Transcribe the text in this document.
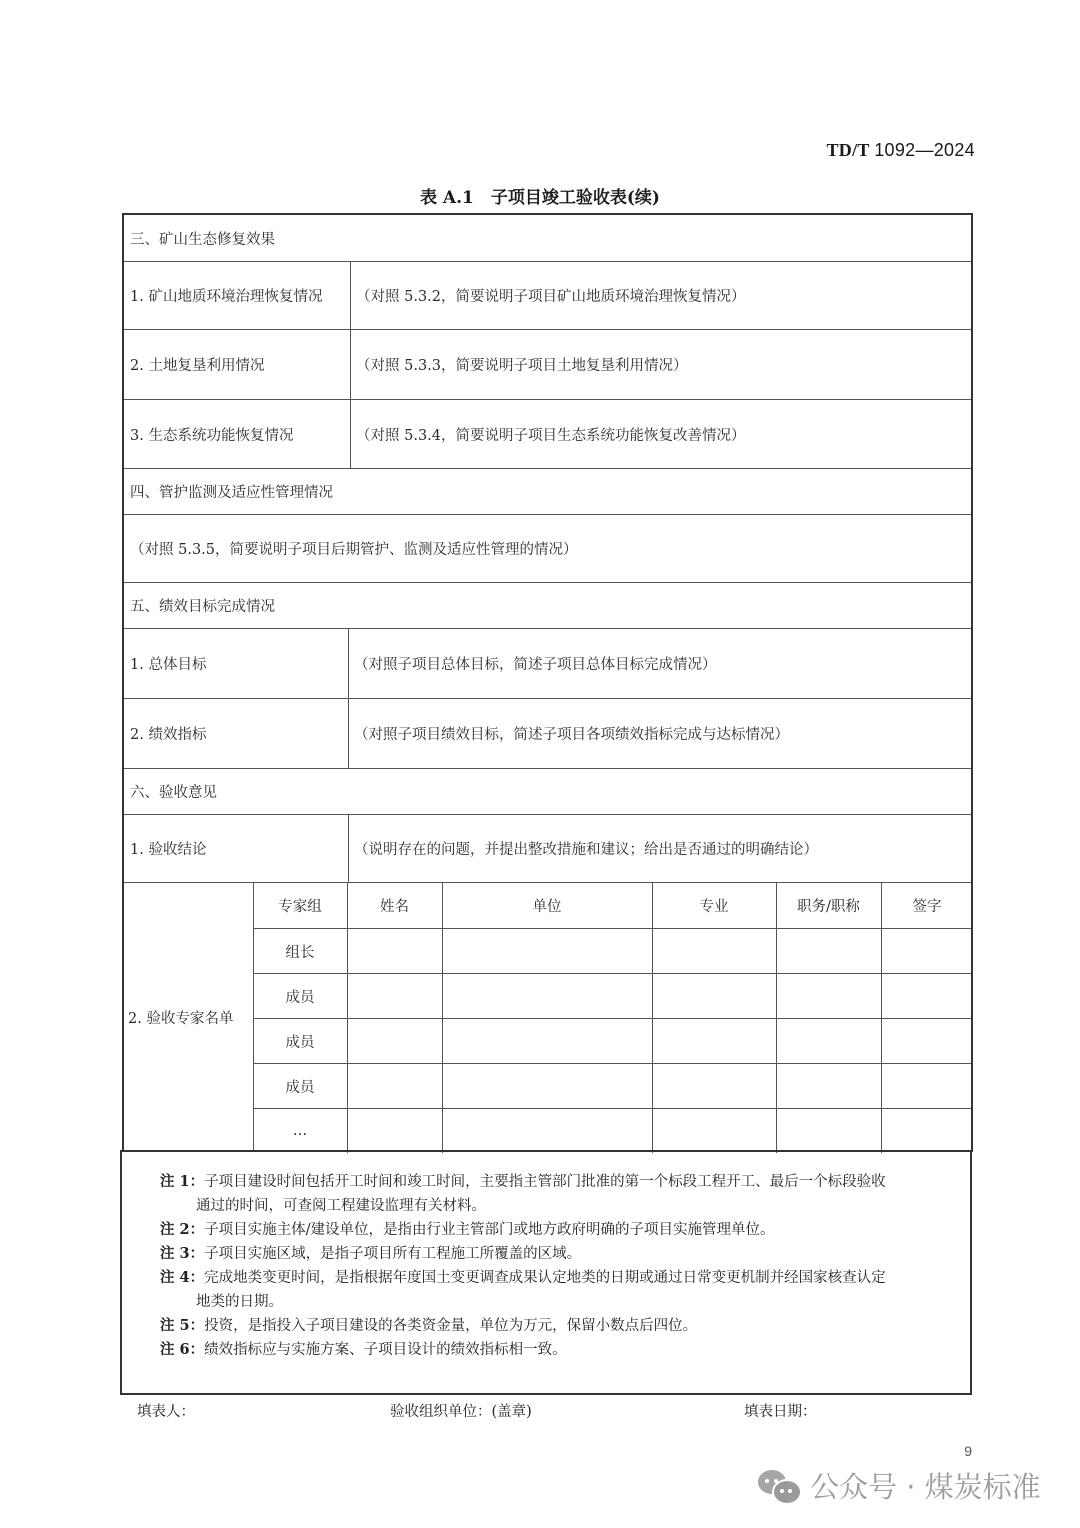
TD/T 1092—2024
表 A.1　子项目竣工验收表(续)
三、矿山生态修复效果
1. 矿山地质环境治理恢复情况 （对照 5.3.2，简要说明子项目矿山地质环境治理恢复情况）
2. 土地复垦利用情况	（对照 5.3.3，简要说明子项目土地复垦利用情况）
3. 生态系统功能恢复情况	（对照 5.3.4，简要说明子项目生态系统功能恢复改善情况）
四、管护监测及适应性管理情况
（对照 5.3.5，简要说明子项目后期管护、监测及适应性管理的情况）
五、绩效目标完成情况
1. 总体目标	（对照子项目总体目标，简述子项目总体目标完成情况）
2. 绩效指标	（对照子项目绩效目标，简述子项目各项绩效指标完成与达标情况）
六、验收意见
1. 验收结论	（说明存在的问题，并提出整改措施和建议；给出是否通过的明确结论）
2. 验收专家名单
专家组	姓名	单位	专业	职务/职称	签字
组长
成员
成员
成员
…
注 1：子项目建设时间包括开工时间和竣工时间，主要指主管部门批准的第一个标段工程开工、最后一个标段验收
通过的时间，可查阅工程建设监理有关材料。
注 2：子项目实施主体/建设单位，是指由行业主管部门或地方政府明确的子项目实施管理单位。
注 3：子项目实施区域，是指子项目所有工程施工所覆盖的区域。
注 4：完成地类变更时间，是指根据年度国土变更调查成果认定地类的日期或通过日常变更机制并经国家核查认定
地类的日期。
注 5：投资，是指投入子项目建设的各类资金量，单位为万元，保留小数点后四位。
注 6：绩效指标应与实施方案、子项目设计的绩效指标相一致。
填表人：	验收组织单位：(盖章)	填表日期：
9
公众号 · 煤炭标准
